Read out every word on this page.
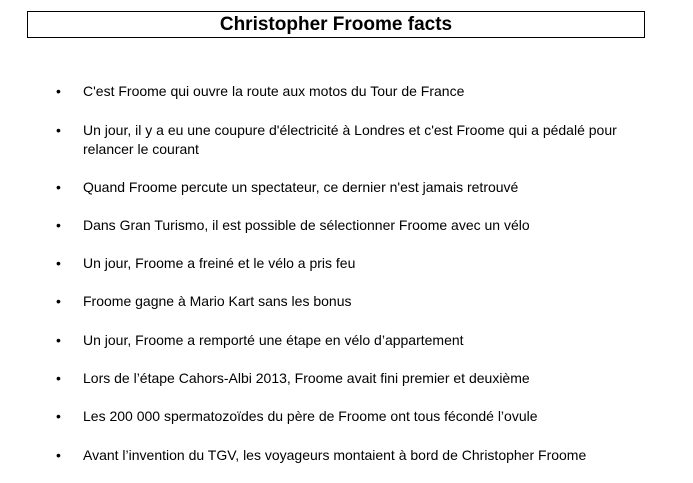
Christopher Froome facts
•	C'est Froome qui ouvre la route aux motos du Tour de France
•	Un jour, il y a eu une coupure d'électricité à Londres et c'est Froome qui a pédalé pour relancer le courant
•	Quand Froome percute un spectateur, ce dernier n'est jamais retrouvé
•	Dans Gran Turismo, il est possible de sélectionner Froome avec un vélo
•	Un jour, Froome a freiné et le vélo a pris feu
•	Froome gagne à Mario Kart sans les bonus
•	Un jour, Froome a remporté une étape en vélo d’appartement
•	Lors de l’étape Cahors-Albi 2013, Froome avait fini premier et deuxième
•	Les 200 000 spermatozoïdes du père de Froome ont tous fécondé l’ovule
•	Avant l’invention du TGV, les voyageurs montaient à bord de Christopher Froome
